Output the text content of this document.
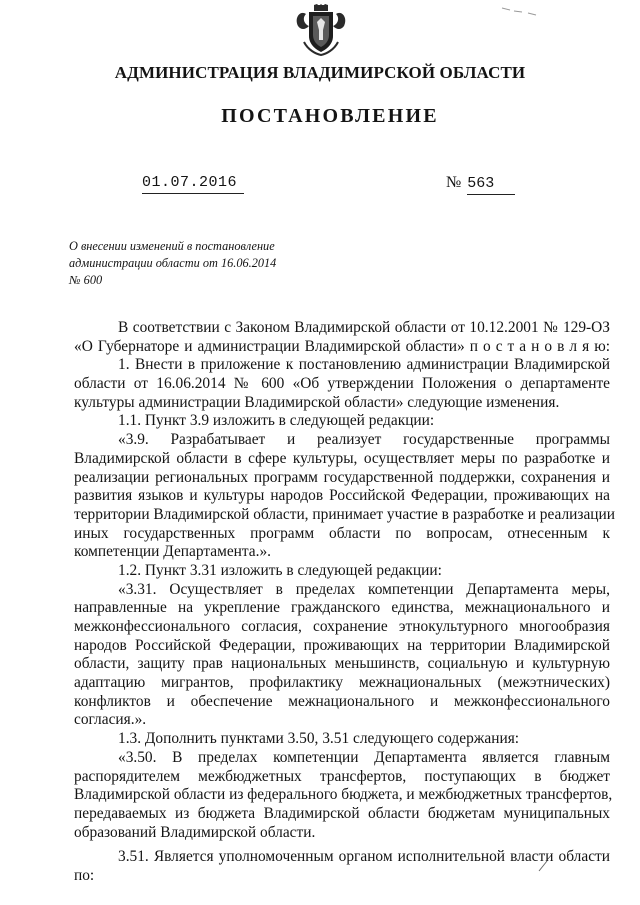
АДМИНИСТРАЦИЯ ВЛАДИМИРСКОЙ ОБЛАСТИ
ПОСТАНОВЛЕНИЕ
01.07.2016	№ 563
О внесении изменений в постановление
администрации области от 16.06.2014
№ 600
В соответствии с Законом Владимирской области от 10.12.2001 № 129-ОЗ
«О Губернаторе и администрации Владимирской области» п о с т а н о в л я ю:
1. Внести в приложение к постановлению администрации Владимирской
области от 16.06.2014 № 600 «Об утверждении Положения о департаменте
культуры администрации Владимирской области» следующие изменения.
1.1. Пункт 3.9 изложить в следующей редакции:
«3.9. Разрабатывает и реализует государственные программы
Владимирской области в сфере культуры, осуществляет меры по разработке и
реализации региональных программ государственной поддержки, сохранения и
развития языков и культуры народов Российской Федерации, проживающих на
территории Владимирской области, принимает участие в разработке и реализации
иных государственных программ области по вопросам, отнесенным к
компетенции Департамента.».
1.2. Пункт 3.31 изложить в следующей редакции:
«3.31. Осуществляет в пределах компетенции Департамента меры,
направленные на укрепление гражданского единства, межнационального и
межконфессионального согласия, сохранение этнокультурного многообразия
народов Российской Федерации, проживающих на территории Владимирской
области, защиту прав национальных меньшинств, социальную и культурную
адаптацию мигрантов, профилактику межнациональных (межэтнических)
конфликтов и обеспечение межнационального и межконфессионального
согласия.».
1.3. Дополнить пунктами 3.50, 3.51 следующего содержания:
«3.50. В пределах компетенции Департамента является главным
распорядителем межбюджетных трансфертов, поступающих в бюджет
Владимирской области из федерального бюджета, и межбюджетных трансфертов,
передаваемых из бюджета Владимирской области бюджетам муниципальных
образований Владимирской области.
3.51. Является уполномоченным органом исполнительной власти области
по:
